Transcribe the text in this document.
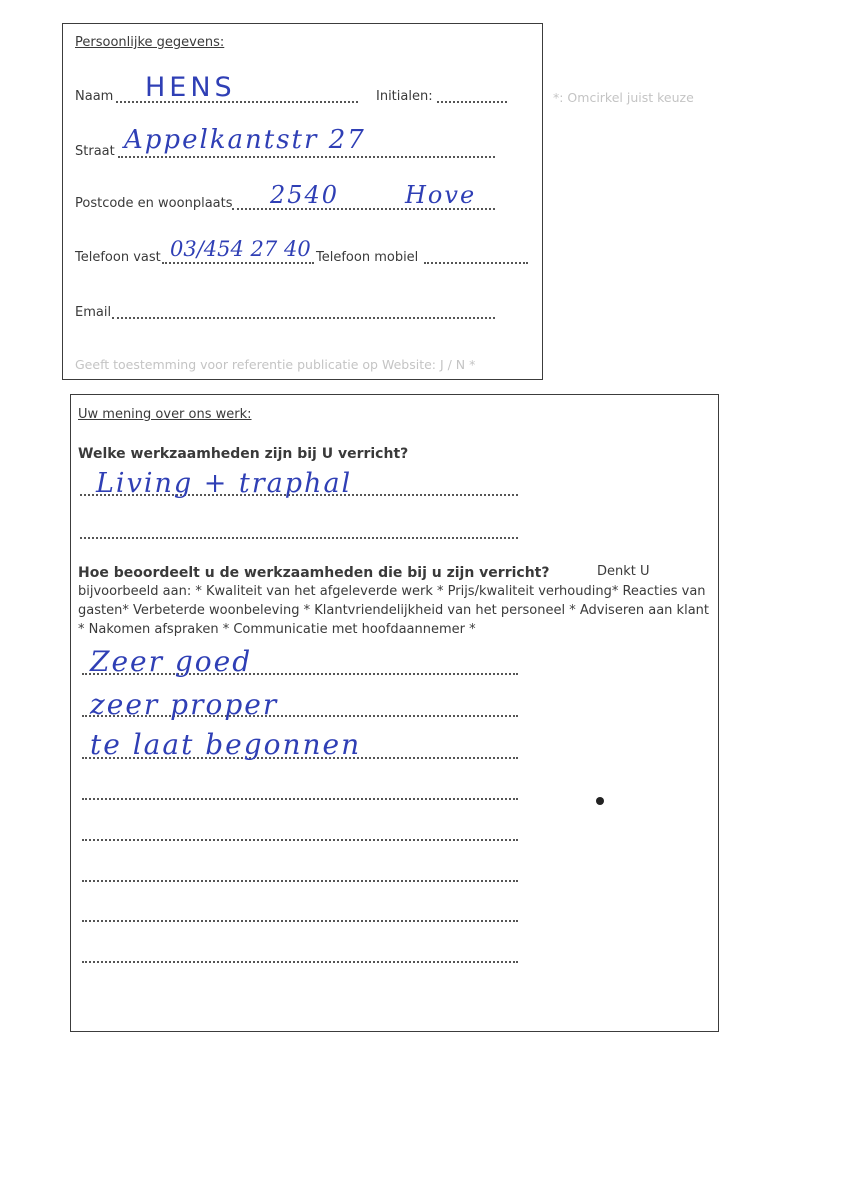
Persoonlijke gegevens:
Naam HENS	Initialen:	*: Omcirkel juist keuze
Straat Appelkantstr 27
Postcode en woonplaats 2540	Hove
Telefoon vast 03/454 27 40 Telefoon mobiel
Email
Geeft toestemming voor referentie publicatie op Website: J / N *
Uw mening over ons werk:
Welke werkzaamheden zijn bij U verricht?
Living + traphal
Hoe beoordeelt u de werkzaamheden die bij u zijn verricht?	Denkt U
bijvoorbeeld aan: * Kwaliteit van het afgeleverde werk * Prijs/kwaliteit verhouding* Reacties van
gasten* Verbeterde woonbeleving * Klantvriendelijkheid van het personeel * Adviseren aan klant
* Nakomen afspraken * Communicatie met hoofdaannemer *
Zeer goed
zeer proper
te laat begonnen
